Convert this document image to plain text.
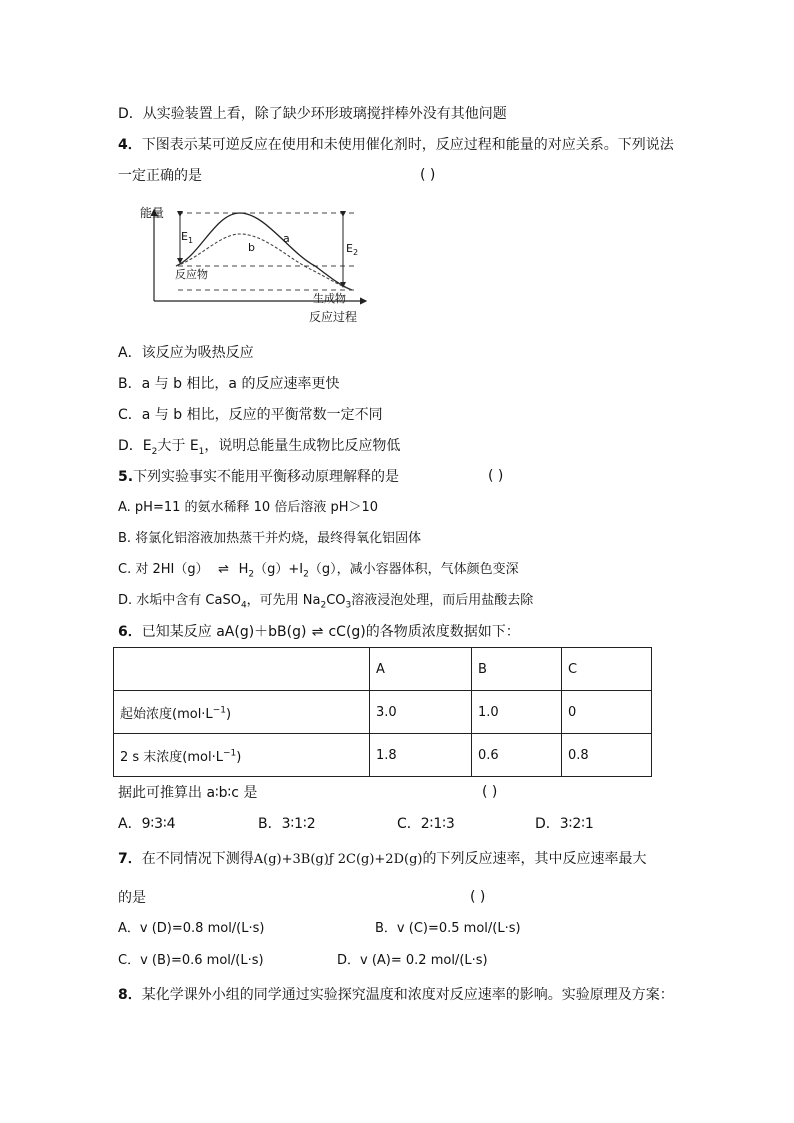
D．从实验装置上看，除了缺少环形玻璃搅拌棒外没有其他问题
4．下图表示某可逆反应在使用和未使用催化剂时，反应过程和能量的对应关系。下列说法
一定正确的是	( )
能量
反应过程
反应物
生成物
a
b
$E_1$
$E_2$
A．该反应为吸热反应
B．a 与 b 相比，a 的反应速率更快
C．a 与 b 相比，反应的平衡常数一定不同
D．$E_2$大于 $E_1$，说明总能量生成物比反应物低
5.下列实验事实不能用平衡移动原理解释的是	( )
A. pH=11 的氨水稀释 10 倍后溶液 pH＞10
B. 将氯化铝溶液加热蒸干并灼烧，最终得氧化铝固体
C. 对 2HI（g） ⇌ $H_2(g)+I_2(g)$，减小容器体积，气体颜色变深
D. 水垢中含有 CaSO$_4$，可先用 $Na_2CO_3$溶液浸泡处理，而后用盐酸去除
6．已知某反应 aA(g)＋bB(g) ⇌ cC(g)的各物质浓度数据如下：
	A	B	C
起始浓度$(mol\cdot L^{-1})$	3.0	1.0	0
2 s 末浓度$(mol\cdot L^{-1})$	1.8	0.6	0.8
据此可推算出 a∶b∶c 是	( )
A．9∶3∶4	B．3∶1∶2	C．2∶1∶3	D．3∶2∶1
7．在不同情况下测得A(g)+3B(g)ƒ 2C(g)+2D(g)的下列反应速率，其中反应速率最大
的是	( )
A．v (D)=0.8 mol/(L·s)	B．v (C)=0.5 mol/(L·s)
C．v (B)=0.6 mol/(L·s)	D．v (A)= 0.2 mol/(L·s)
8．某化学课外小组的同学通过实验探究温度和浓度对反应速率的影响。实验原理及方案：
